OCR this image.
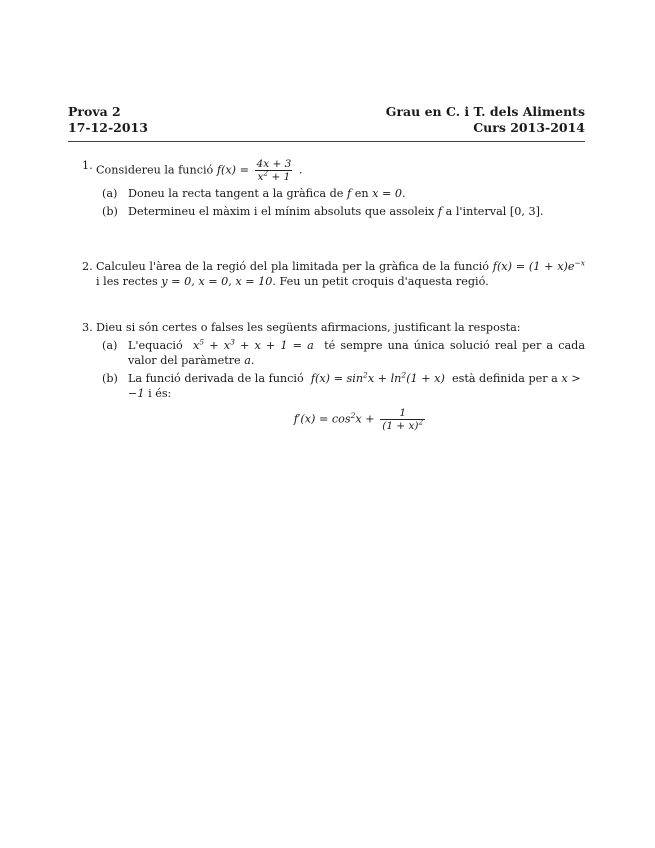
Prova 2
17-12-2013
Grau en C. i T. dels Aliments
Curs 2013-2014
1. Considereu la funció $f(x) = \frac{4x + 3}{x^2 + 1}$ .
(a) Doneu la recta tangent a la gràfica de f en x = 0.
(b) Determineu el màxim i el mínim absoluts que assoleix f a l'interval [0, 3].
2. Calculeu l'àrea de la regió del pla limitada per la gràfica de la funció $f(x) = (1 + x)e^{-x}$ i les rectes y = 0, x = 0, x = 10. Feu un petit croquis d'aquesta regió.
3. Dieu si són certes o falses les següents afirmacions, justificant la resposta:
(a) L'equació $x^5 + x^3 + x + 1 = a$ té sempre una única solució real per a cada valor del paràmetre a.
(b) La funció derivada de la funció $f(x) = \sin^2x + \ln^2(1 + x)$ està definida per a x > −1 i és:
$f'(x) = \cos^2x + \frac{1}{(1 + x)^2}$
